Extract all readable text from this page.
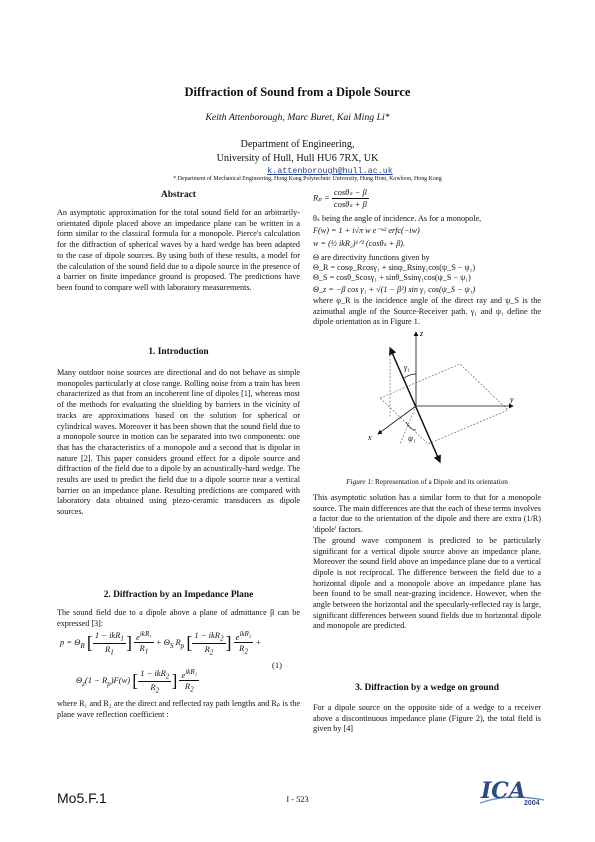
Diffraction of Sound from a Dipole Source
Keith Attenborough, Marc Buret, Kai Ming Li*
Department of Engineering,
University of Hull, Hull HU6 7RX, UK
k.attenborough@hull.ac.uk
* Department of Mechanical Engineering, Hong Kong Polytechnic University, Hung Hom, Kowloon, Hong Kong
Abstract

An asymptotic approximation for the total sound field for an arbitrarily-orientated dipole placed above an impedance plane can be written in a form similar to the classical formula for a monopole. Pierce's calculation for the diffraction of spherical waves by a hard wedge has been adapted to the case of dipole sources. By using both of these results, a model for the calculation of the sound field due to a dipole source in the presence of a barrier on finite impedance ground is proposed. The predictions have been found to compare well with laboratory measurements.

1. Introduction

Many outdoor noise sources are directional and do not behave as simple monopoles particularly at close range. Rolling noise from a train has been characterized as that from an incoherent line of dipoles [1], whereas most of the methods for evaluating the shielding by barriers in the vicinity of tracks are approximations based on the solution for spherical or cylindrical waves. Moreover it has been shown that the sound field due to a monopole source in motion can be separated into two components: one that has the characteristics of a monopole and a second that is dipolar in nature [2]. This paper considers ground effect for a dipole source and diffraction of the field due to a dipole by an acoustically-hard wedge. The results are used to predict the field due to a dipole source near a vertical barrier on an impedance plane. Resulting predictions are compared with laboratory data obtained using piezo-ceramic transducers as dipole sources.

2. Diffraction by an Impedance Plane

The sound field due to a dipole above a plane of admittance β can be expressed [3]:

$p = \Theta_R$ [ $\frac{1 - ikR_1}{R_1}$ ] $\frac{e^{ikR_1}}{R_1} + \Theta_S$ $R_p$ [ $\frac{1 - ikR_2}{R_2}$ ] $\frac{e^{ikR_2}}{R_2}$ +
(1)
$\Theta_z(1 - R_p)F(w)$ [ $\frac{1 - ikR_2}{R_2}$ ] $\frac{e^{ikR_2}}{R_2}$

where R₁ and R₂ are the direct and reflected ray path lengths and Rₚ is the plane wave reflection coefficient :

$R_p = \frac{\text{cosθₛ − β}}{\text{cosθₛ + β}}$
θₛ being the angle of incidence. As for a monopole,
F(w) = 1 + i√π w e⁻ʷ² erfc(−iw)
w = (½ ikR₂)¹ᐟ² (cosθₛ + β).
Θ are directivity functions given by
Θ_R = cosφ_Rcosγ₁ + sinφ_Rsinγ₁cos(ψ_S − ψ₁)
Θ_S = cosθ_Scosγ₁ + sinθ_Ssinγ₁cos(ψ_S − ψ₁)
Θ_z = −β cos γ₁ + √(1 − β²) sin γ₁ cos(ψ_S − ψ₁)

where φ_R is the incidence angle of the direct ray and ψ_S is the azimuthal angle of the Source-Receiver path. γ₁ and ψ₁ define the dipole orientation as in Figure 1.

z
y
x
γ₁
ψ₁
Figure 1: Representation of a Dipole and its orientation

This asymptotic solution has a similar form to that for a monopole source. The main differences are that the each of these terms involves a factor due to the orientation of the dipole and there are extra (1/R) 'dipole' factors.

The ground wave component is predicted to be particularly significant for a vertical dipole source above an impedance plane. Moreover the sound field above an impedance plane due to a vertical dipole is not reciprocal. The difference between the field due to a horizontal dipole and a monopole above an impedance plane has been found to be small near-grazing incidence. However, when the angle between the horizontal and the specularly-reflected ray is large, significant differences between sound fields due to horizontal dipole and monopole are predicted.

3. Diffraction by a wedge on ground

For a dipole source on the opposite side of a wedge to a receiver above a discontinuous impedance plane (Figure 2), the total field is given by [4]

Mo5.F.1	I - 523	ICA
2004
